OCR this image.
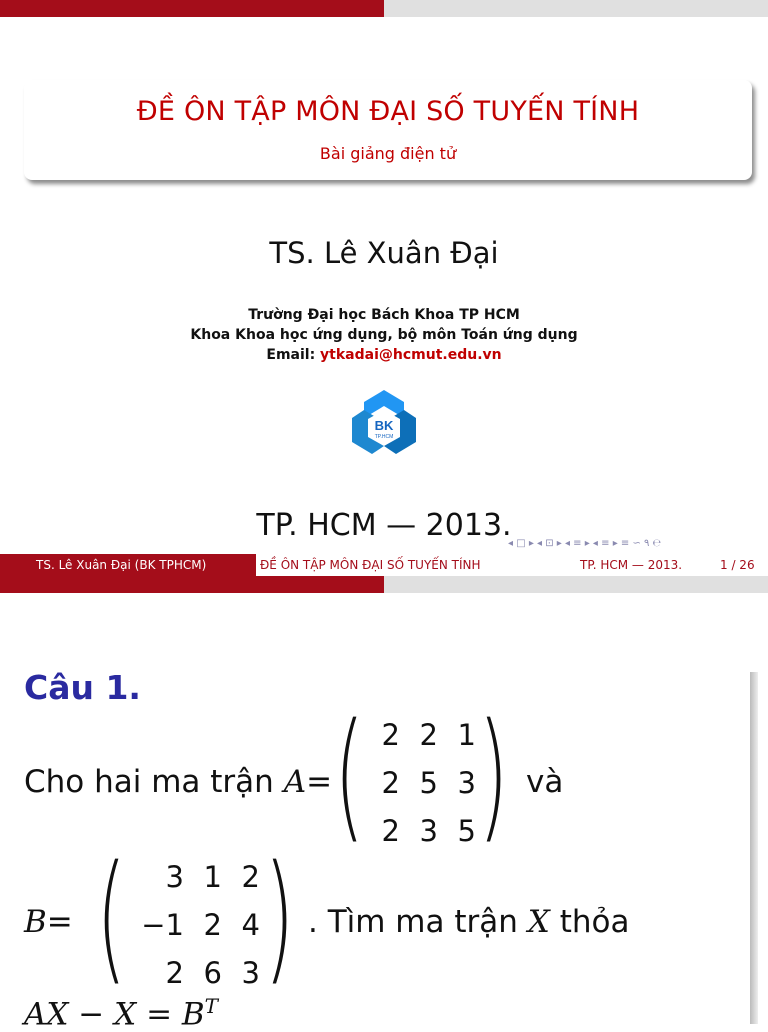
ĐỀ ÔN TẬP MÔN ĐẠI SỐ TUYẾN TÍNH
Bài giảng điện tử
TS. Lê Xuân Đại
Trường Đại học Bách Khoa TP HCM
Khoa Khoa học ứng dụng, bộ môn Toán ứng dụng
Email: ytkadai@hcmut.edu.vn
BK
TP.HCM
TP. HCM — 2013.
◂ □ ▸ ◂ ⊡ ▸ ◂ ≡ ▸ ◂ ≡ ▸ ≡ ∽ ۹ ℮
TS. Lê Xuân Đại (BK TPHCM)	ĐỀ ÔN TẬP MÔN ĐẠI SỐ TUYẾN TÍNH	TP. HCM — 2013.	1 / 26
Câu 1.
Cho hai ma trận A= ( 2 2 1
2 5 3
2 3 5 ) và
B= (	3 1 2
−1 2 4
2 6 3 ) . Tìm ma trận X thỏa
AX − $X = B^T$
